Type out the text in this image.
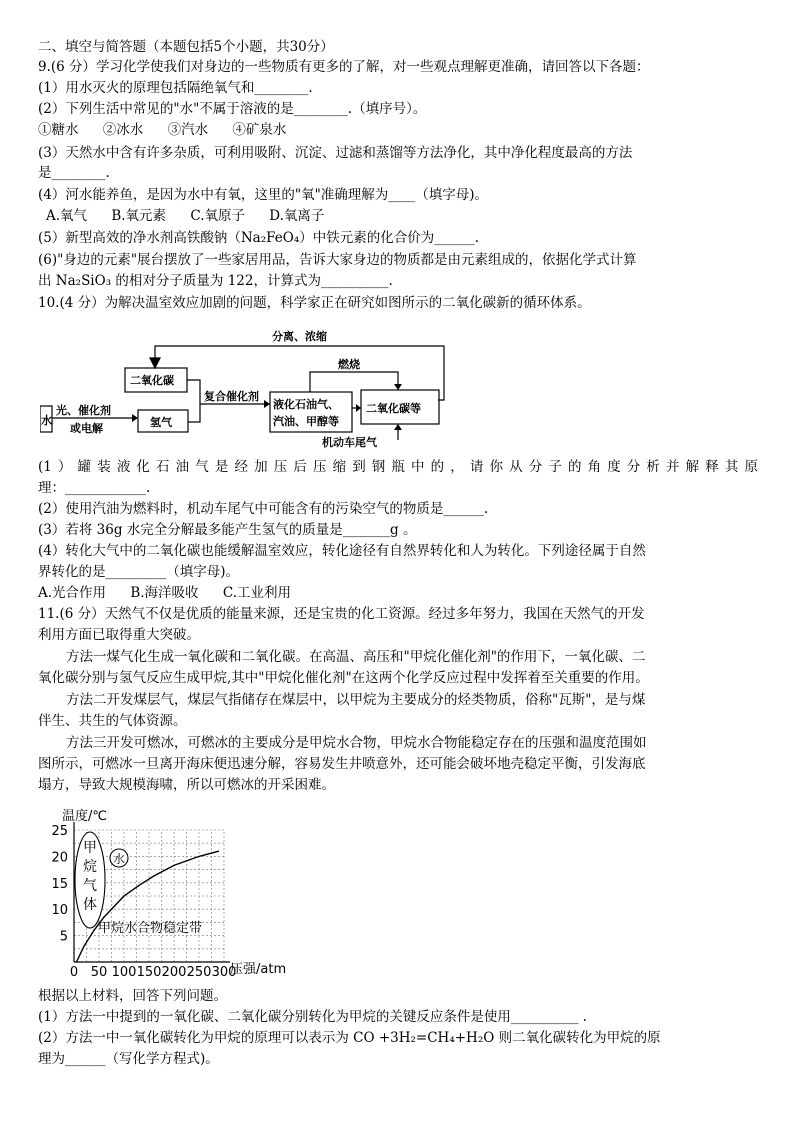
二、填空与简答题（本题包括5个小题，共30分）
9.(6 分）学习化学使我们对身边的一些物质有更多的了解，对一些观点理解更准确，请回答以下各题：
(1）用水灭火的原理包括隔绝氧气和________.
(2）下列生活中常见的"水"不属于溶液的是________.（填序号）。
①糖水 ②冰水 ③汽水 ④矿泉水
(3）天然水中含有许多杂质，可利用吸附、沉淀、过滤和蒸馏等方法净化，其中净化程度最高的方法
是________.
(4）河水能养鱼，是因为水中有氧，这里的"氧"准确理解为____（填字母)。
A.氧气 B.氧元素 C.氧原子 D.氧离子
(5）新型高效的净水剂高铁酸钠（Na₂FeO₄）中铁元素的化合价为______.
(6)"身边的元素"展台摆放了一些家居用品，告诉大家身边的物质都是由元素组成的，依据化学式计算
出 Na₂SiO₃ 的相对分子质量为 122，计算式为__________.
10.(4 分）为解决温室效应加剧的问题，科学家正在研究如图所示的二氧化碳新的循环体系。
分离、浓缩
二氧化碳
水
光、催化剂
或电解	氢气
复合催化剂
液化石油气、
汽油、甲醇等
燃烧
二氧化碳等
机动车尾气
(1）罐装液化石油气是经加压后压缩到钢瓶中的，请你从分子的角度分析并解释其原
理：____________.
(2）使用汽油为燃料时，机动车尾气中可能含有的污染空气的物质是______.
(3）若将 36g 水完全分解最多能产生氢气的质量是_______g 。
(4）转化大气中的二氧化碳也能缓解温室效应，转化途径有自然界转化和人为转化。下列途径属于自然
界转化的是_________（填字母)。
A.光合作用 B.海洋吸收 C.工业利用
11.(6 分）天然气不仅是优质的能量来源，还是宝贵的化工资源。经过多年努力，我国在天然气的开发
利用方面已取得重大突破。
方法一煤气化生成一氧化碳和二氧化碳。在高温、高压和"甲烷化催化剂"的作用下，一氧化碳、二
氧化碳分别与氢气反应生成甲烷,其中"甲烷化催化剂"在这两个化学反应过程中发挥着至关重要的作用。
方法二开发煤层气，煤层气指储存在煤层中，以甲烷为主要成分的烃类物质，俗称"瓦斯"，是与煤
伴生、共生的气体资源。
方法三开发可燃冰，可燃冰的主要成分是甲烷水合物，甲烷水合物能稳定存在的压强和温度范围如
图所示，可燃冰一旦离开海床便迅速分解，容易发生井喷意外，还可能会破坏地壳稳定平衡，引发海底
塌方，导致大规模海啸，所以可燃冰的开采困难。
0 50 100 150 200 250 300
5
10
15
20
25
温度/℃
压强/atm
甲
烷
气
体
水
甲烷水合物稳定带
根据以上材料，回答下列问题。
(1）方法一中提到的一氧化碳、二氧化碳分别转化为甲烷的关键反应条件是使用__________ .
(2）方法一中一氧化碳转化为甲烷的原理可以表示为 CO +3H₂=CH₄+H₂O 则二氧化碳转化为甲烷的原
理为______（写化学方程式)。
